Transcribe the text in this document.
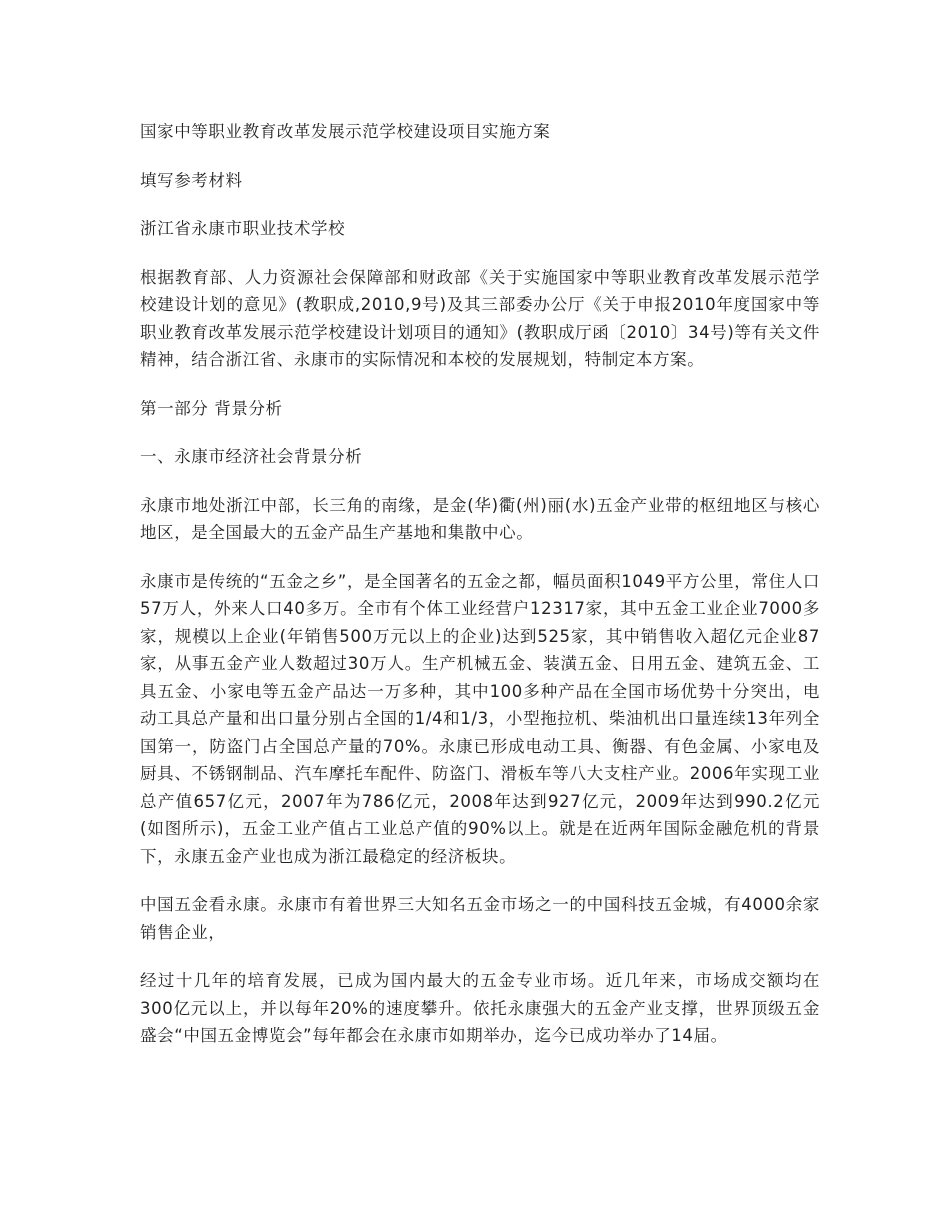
国家中等职业教育改革发展示范学校建设项目实施方案

填写参考材料

浙江省永康市职业技术学校

根据教育部、人力资源社会保障部和财政部《关于实施国家中等职业教育改革发展示范学校建设计划的意见》(教职成,2010,9号)及其三部委办公厅《关于申报2010年度国家中等职业教育改革发展示范学校建设计划项目的通知》(教职成厅函〔2010〕34号)等有关文件精神，结合浙江省、永康市的实际情况和本校的发展规划，特制定本方案。

第一部分 背景分析

一、永康市经济社会背景分析

永康市地处浙江中部，长三角的南缘，是金(华)衢(州)丽(水)五金产业带的枢纽地区与核心地区，是全国最大的五金产品生产基地和集散中心。

永康市是传统的“五金之乡”，是全国著名的五金之都，幅员面积1049平方公里，常住人口57万人，外来人口40多万。全市有个体工业经营户12317家，其中五金工业企业7000多家，规模以上企业(年销售500万元以上的企业)达到525家，其中销售收入超亿元企业87家，从事五金产业人数超过30万人。生产机械五金、装潢五金、日用五金、建筑五金、工具五金、小家电等五金产品达一万多种，其中100多种产品在全国市场优势十分突出，电动工具总产量和出口量分别占全国的1/4和1/3，小型拖拉机、柴油机出口量连续13年列全国第一，防盗门占全国总产量的70%。永康已形成电动工具、衡器、有色金属、小家电及厨具、不锈钢制品、汽车摩托车配件、防盗门、滑板车等八大支柱产业。2006年实现工业总产值657亿元，2007年为786亿元，2008年达到927亿元，2009年达到990.2亿元(如图所示)，五金工业产值占工业总产值的90%以上。就是在近两年国际金融危机的背景下，永康五金产业也成为浙江最稳定的经济板块。

中国五金看永康。永康市有着世界三大知名五金市场之一的中国科技五金城，有4000余家销售企业，

经过十几年的培育发展，已成为国内最大的五金专业市场。近几年来，市场成交额均在300亿元以上，并以每年20%的速度攀升。依托永康强大的五金产业支撑，世界顶级五金盛会“中国五金博览会”每年都会在永康市如期举办，迄今已成功举办了14届。
